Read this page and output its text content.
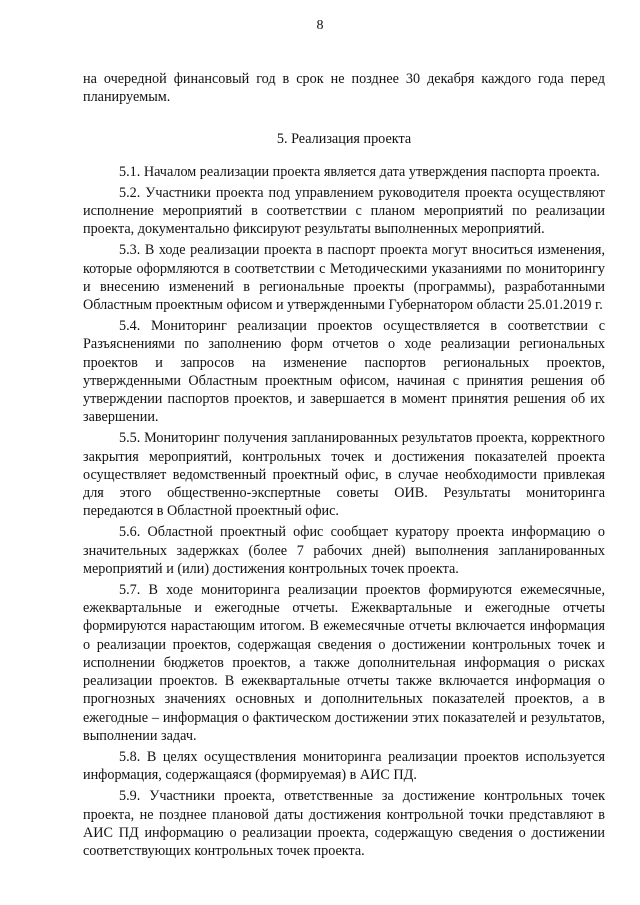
8

на очередной финансовый год в срок не позднее 30 декабря каждого года перед планируемым.

5. Реализация проекта

5.1. Началом реализации проекта является дата утверждения паспорта проекта.

5.2. Участники проекта под управлением руководителя проекта осуществляют исполнение мероприятий в соответствии с планом мероприятий по реализации проекта, документально фиксируют результаты выполненных мероприятий.

5.3. В ходе реализации проекта в паспорт проекта могут вноситься изменения, которые оформляются в соответствии с Методическими указаниями по мониторингу и внесению изменений в региональные проекты (программы), разработанными Областным проектным офисом и утвержденными Губернатором области 25.01.2019 г.

5.4. Мониторинг реализации проектов осуществляется в соответствии с Разъяснениями по заполнению форм отчетов о ходе реализации региональных проектов и запросов на изменение паспортов региональных проектов, утвержденными Областным проектным офисом, начиная с принятия решения об утверждении паспортов проектов, и завершается в момент принятия решения об их завершении.

5.5. Мониторинг получения запланированных результатов проекта, корректного закрытия мероприятий, контрольных точек и достижения показателей проекта осуществляет ведомственный проектный офис, в случае необходимости привлекая для этого общественно-экспертные советы ОИВ. Результаты мониторинга передаются в Областной проектный офис.

5.6. Областной проектный офис сообщает куратору проекта информацию о значительных задержках (более 7 рабочих дней) выполнения запланированных мероприятий и (или) достижения контрольных точек проекта.

5.7. В ходе мониторинга реализации проектов формируются ежемесячные, ежеквартальные и ежегодные отчеты. Ежеквартальные и ежегодные отчеты формируются нарастающим итогом. В ежемесячные отчеты включается информация о реализации проектов, содержащая сведения о достижении контрольных точек и исполнении бюджетов проектов, а также дополнительная информация о рисках реализации проектов. В ежеквартальные отчеты также включается информация о прогнозных значениях основных и дополнительных показателей проектов, а в ежегодные – информация о фактическом достижении этих показателей и результатов, выполнении задач.

5.8. В целях осуществления мониторинга реализации проектов используется информация, содержащаяся (формируемая) в АИС ПД.

5.9. Участники проекта, ответственные за достижение контрольных точек проекта, не позднее плановой даты достижения контрольной точки представляют в АИС ПД информацию о реализации проекта, содержащую сведения о достижении соответствующих контрольных точек проекта.
